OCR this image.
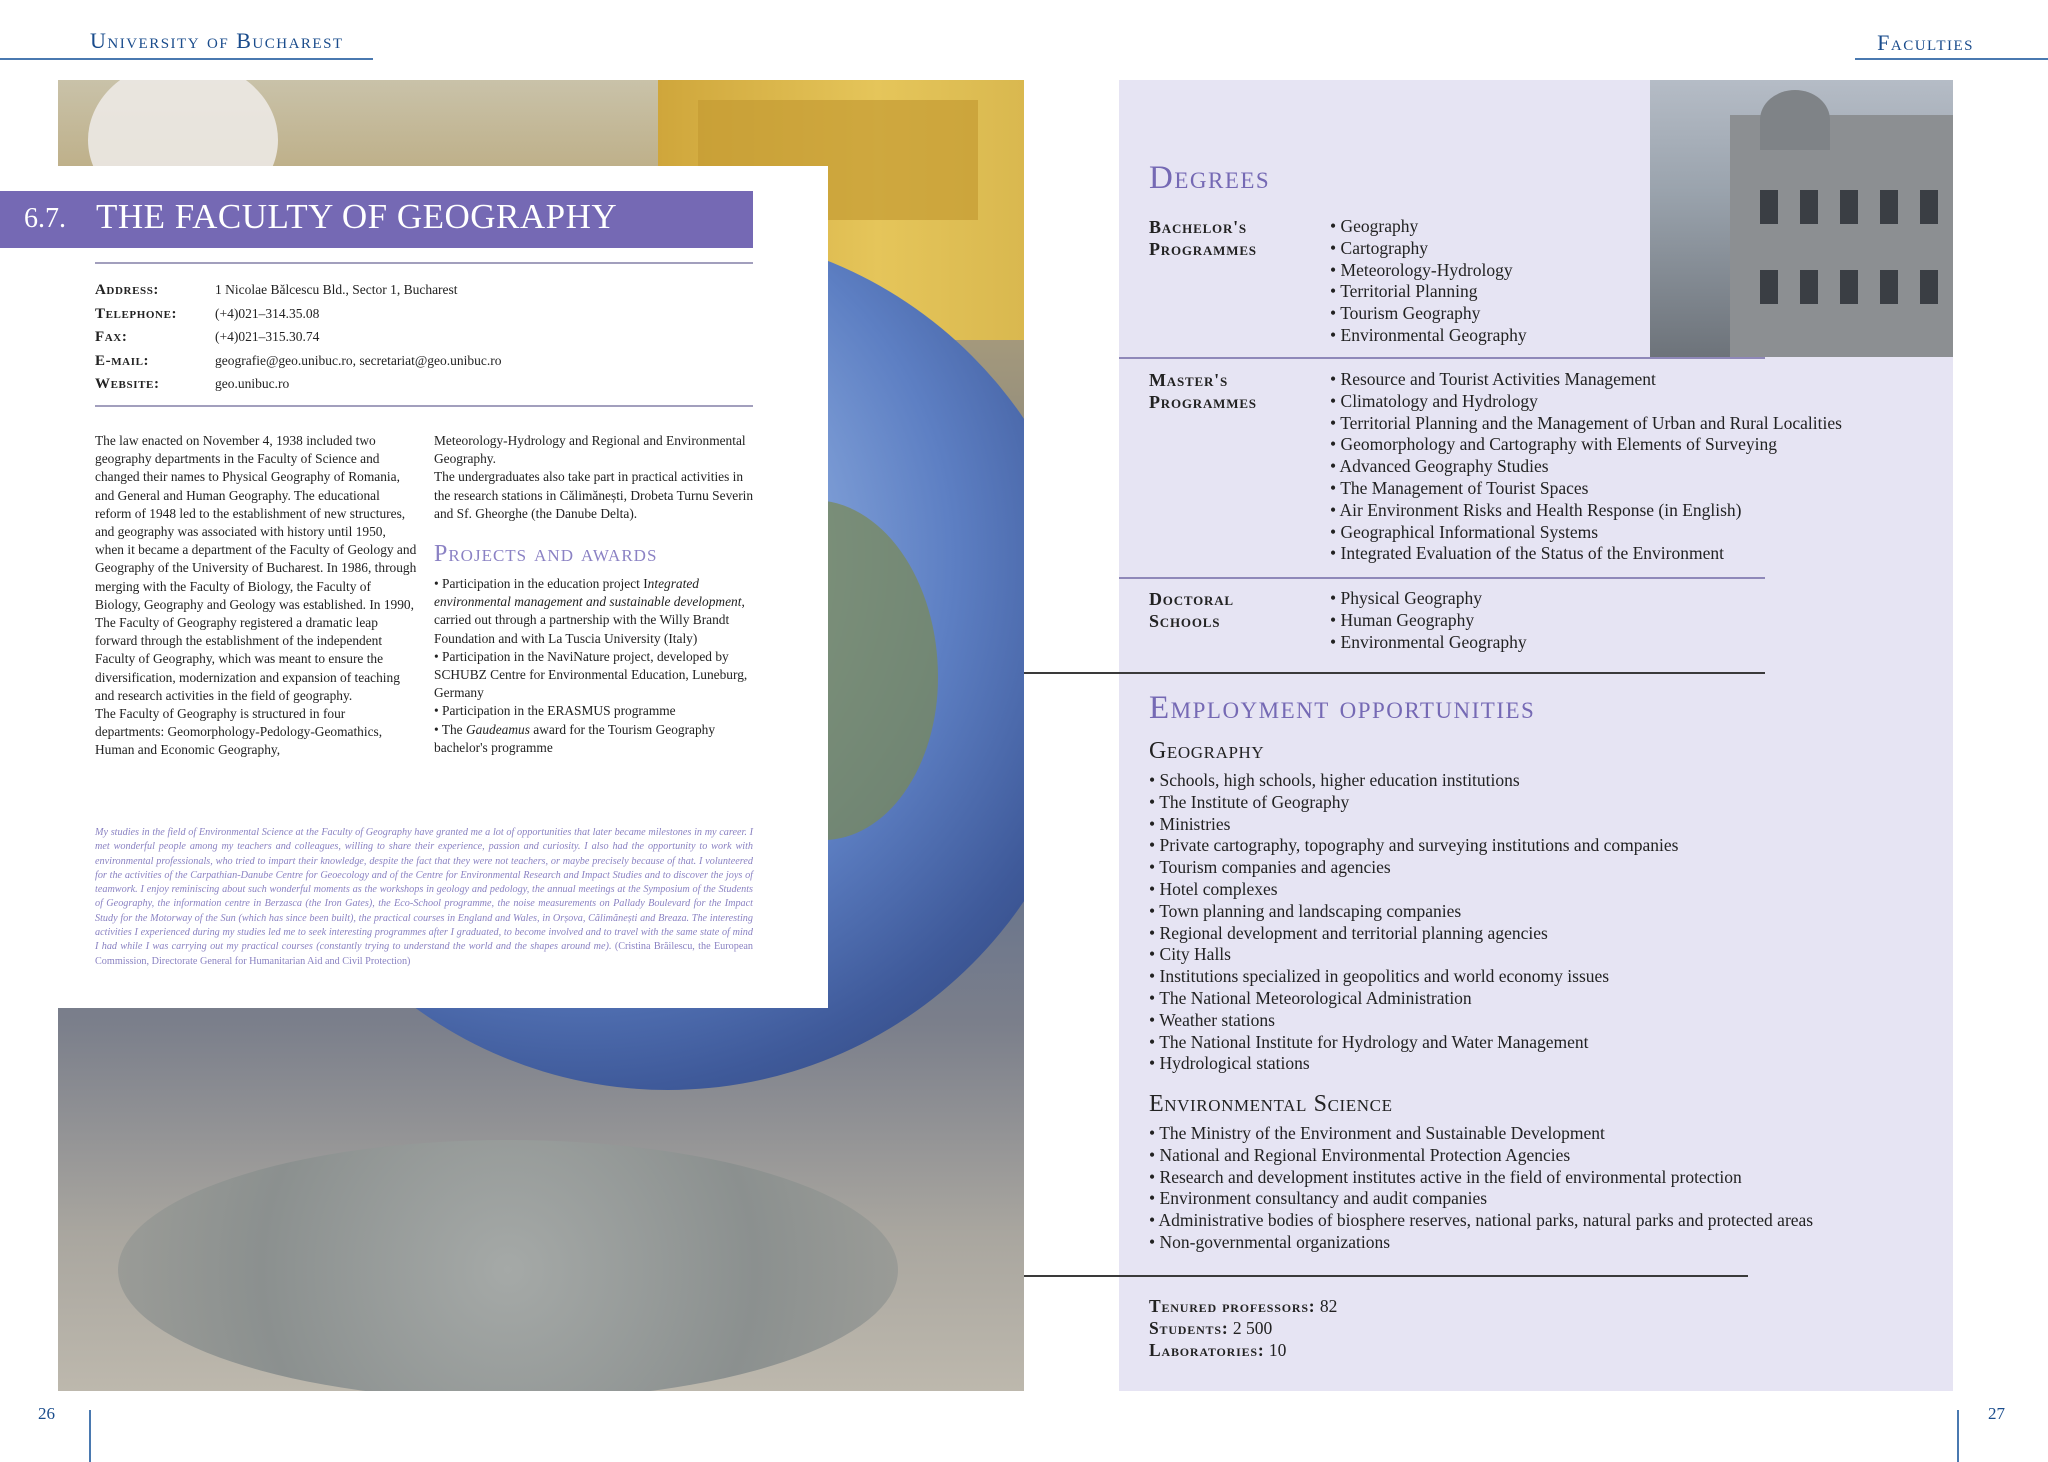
University of Bucharest	Faculties
6.7. THE FACULTY OF GEOGRAPHY
Address:	1 Nicolae Bălcescu Bld., Sector 1, Bucharest
Telephone:	(+4)021–314.35.08
Fax:	(+4)021–315.30.74
E-mail:	geografie@geo.unibuc.ro, secretariat@geo.unibuc.ro
Website:	geo.unibuc.ro
The law enacted on November 4, 1938 included two geography departments in the Faculty of Science and changed their names to Physical Geography of Romania, and General and Human Geography. The educational reform of 1948 led to the establishment of new structures, and geography was associated with history until 1950, when it became a department of the Faculty of Geology and Geography of the University of Bucharest. In 1986, through merging with the Faculty of Biology, the Faculty of Biology, Geography and Geology was established. In 1990, The Faculty of Geography registered a dramatic leap forward through the establishment of the independent Faculty of Geography, which was meant to ensure the diversification, modernization and expansion of teaching and research activities in the field of geography.
The Faculty of Geography is structured in four departments: Geomorphology-Pedology-Geomathics, Human and Economic Geography,
Meteorology-Hydrology and Regional and Environmental Geography.
The undergraduates also take part in practical activities in the research stations in Călimănești, Drobeta Turnu Severin and Sf. Gheorghe (the Danube Delta).
Projects and awards
• Participation in the education project Integrated environmental management and sustainable development, carried out through a partnership with the Willy Brandt Foundation and with La Tuscia University (Italy)
• Participation in the NaviNature project, developed by SCHUBZ Centre for Environmental Education, Luneburg, Germany
• Participation in the ERASMUS programme
• The Gaudeamus award for the Tourism Geography bachelor's programme
My studies in the field of Environmental Science at the Faculty of Geography have granted me a lot of opportunities that later became milestones in my career. I met wonderful people among my teachers and colleagues, willing to share their experience, passion and curiosity. I also had the opportunity to work with environmental professionals, who tried to impart their knowledge, despite the fact that they were not teachers, or maybe precisely because of that. I volunteered for the activities of the Carpathian-Danube Centre for Geoecology and of the Centre for Environmental Research and Impact Studies and to discover the joys of teamwork. I enjoy reminiscing about such wonderful moments as the workshops in geology and pedology, the annual meetings at the Symposium of the Students of Geography, the information centre in Berzasca (the Iron Gates), the Eco-School programme, the noise measurements on Pallady Boulevard for the Impact Study for the Motorway of the Sun (which has since been built), the practical courses in England and Wales, in Orșova, Călimănești and Breaza. The interesting activities I experienced during my studies led me to seek interesting programmes after I graduated, to become involved and to travel with the same state of mind I had while I was carrying out my practical courses (constantly trying to understand the world and the shapes around me). (Cristina Brăilescu, the European Commission, Directorate General for Humanitarian Aid and Civil Protection)
Degrees
Bachelor's
Programmes
• Geography
• Cartography
• Meteorology-Hydrology
• Territorial Planning
• Tourism Geography
• Environmental Geography
Master's
Programmes
• Resource and Tourist Activities Management
• Climatology and Hydrology
• Territorial Planning and the Management of Urban and Rural Localities
• Geomorphology and Cartography with Elements of Surveying
• Advanced Geography Studies
• The Management of Tourist Spaces
• Air Environment Risks and Health Response (in English)
• Geographical Informational Systems
• Integrated Evaluation of the Status of the Environment
Doctoral
Schools
• Physical Geography
• Human Geography
• Environmental Geography
Employment opportunities
Geography
• Schools, high schools, higher education institutions
• The Institute of Geography
• Ministries
• Private cartography, topography and surveying institutions and companies
• Tourism companies and agencies
• Hotel complexes
• Town planning and landscaping companies
• Regional development and territorial planning agencies
• City Halls
• Institutions specialized in geopolitics and world economy issues
• The National Meteorological Administration
• Weather stations
• The National Institute for Hydrology and Water Management
• Hydrological stations
Environmental Science
• The Ministry of the Environment and Sustainable Development
• National and Regional Environmental Protection Agencies
• Research and development institutes active in the field of environmental protection
• Environment consultancy and audit companies
• Administrative bodies of biosphere reserves, national parks, natural parks and protected areas
• Non-governmental organizations
Tenured professors: 82
Students: 2 500
Laboratories: 10
26	27
